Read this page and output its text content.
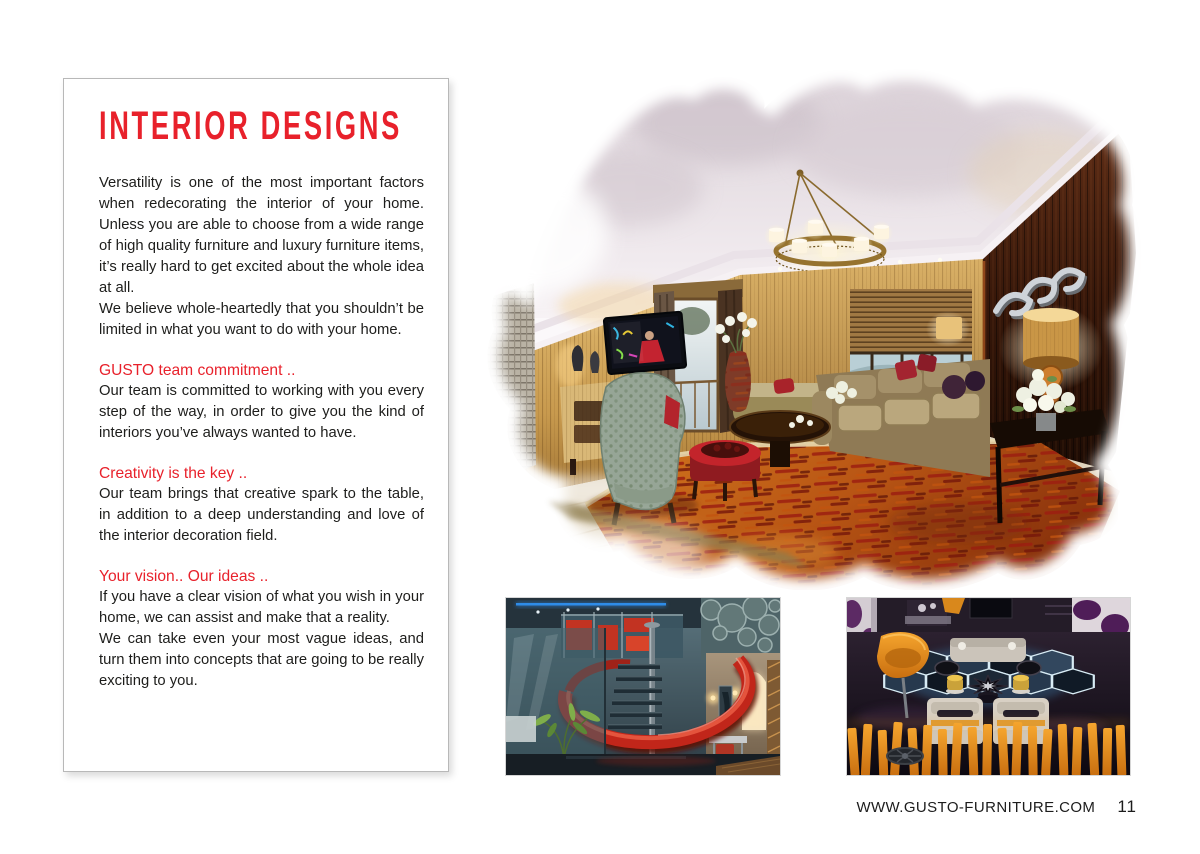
INTERIOR DESIGNS

Versatility is one of the most important factors when redecorating the interior of your home. Unless you are able to choose from a wide range of high quality furniture and luxury furniture items, it’s really hard to get excited about the whole idea at all.

We believe whole-heartedly that you shouldn’t be limited in what you want to do with your home.

GUSTO team commitment ..

Our team is committed to working with you every step of the way, in order to give you the kind of interiors you’ve always wanted to have.

Creativity is the key ..

Our team brings that creative spark to the table, in addition to a deep understanding and love of the interior decoration field.

Your vision.. Our ideas ..

If you have a clear vision of what you wish in your home, we can assist and make that a reality.

We can take even your most vague ideas, and turn them into concepts that are going to be really exciting to you.

WWW.GUSTO-FURNITURE.COM 11
